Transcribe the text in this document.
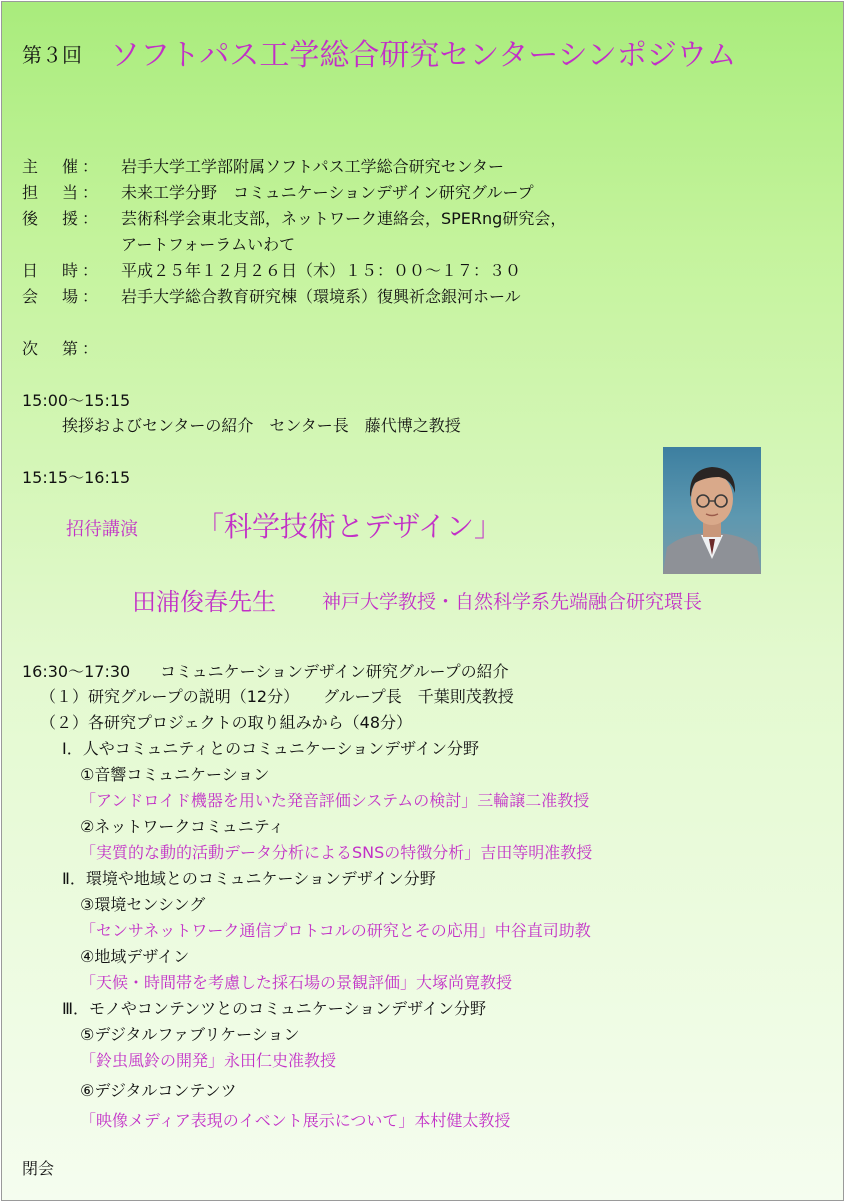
第３回 ソフトパス工学総合研究センターシンポジウム
主　催： 岩手大学工学部附属ソフトパス工学総合研究センター
担　当： 未来工学分野　コミュニケーションデザイン研究グループ
後　援： 芸術科学会東北支部，ネットワーク連絡会，SPERng研究会，
アートフォーラムいわて
日　時： 平成２５年１２月２６日（木）１５：００～１７：３０
会　場： 岩手大学総合教育研究棟（環境系）復興祈念銀河ホール
次　第：
15:00～15:15
挨拶およびセンターの紹介　センター長　藤代博之教授
15:15～16:15
招待講演 「科学技術とデザイン」
田浦俊春先生 神戸大学教授・自然科学系先端融合研究環長
16:30～17:30 コミュニケーションデザイン研究グループの紹介
（１）研究グループの説明（12分）　　グループ長　千葉則茂教授
（２）各研究プロジェクトの取り組みから（48分）
Ⅰ．人やコミュニティとのコミュニケーションデザイン分野
①音響コミュニケーション
「アンドロイド機器を用いた発音評価システムの検討」三輪譲二准教授
②ネットワークコミュニティ
「実質的な動的活動データ分析によるSNSの特徴分析」吉田等明准教授
Ⅱ．環境や地域とのコミュニケーションデザイン分野
③環境センシング
「センサネットワーク通信プロトコルの研究とその応用」中谷直司助教
④地域デザイン
「天候・時間帯を考慮した採石場の景観評価」大塚尚寛教授
Ⅲ．モノやコンテンツとのコミュニケーションデザイン分野
⑤デジタルファブリケーション
「鈴虫風鈴の開発」永田仁史准教授
⑥デジタルコンテンツ
「映像メディア表現のイベント展示について」本村健太教授
閉会
